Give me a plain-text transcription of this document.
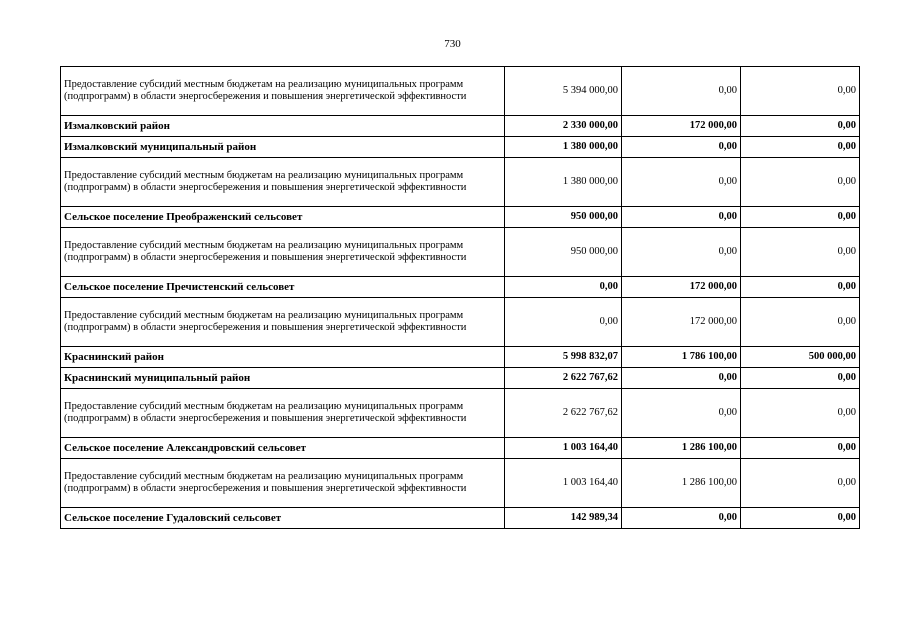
730
Предоставление субсидий местным бюджетам на реализацию муниципальных программ (подпрограмм) в области энергосбережения и повышения энергетической эффективности	5 394 000,00	0,00	0,00
Измалковский район	2 330 000,00	172 000,00	0,00
Измалковский муниципальный район	1 380 000,00	0,00	0,00
Предоставление субсидий местным бюджетам на реализацию муниципальных программ (подпрограмм) в области энергосбережения и повышения энергетической эффективности	1 380 000,00	0,00	0,00
Сельское поселение Преображенский сельсовет	950 000,00	0,00	0,00
Предоставление субсидий местным бюджетам на реализацию муниципальных программ (подпрограмм) в области энергосбережения и повышения энергетической эффективности	950 000,00	0,00	0,00
Сельское поселение Пречистенский сельсовет	0,00	172 000,00	0,00
Предоставление субсидий местным бюджетам на реализацию муниципальных программ (подпрограмм) в области энергосбережения и повышения энергетической эффективности	0,00	172 000,00	0,00
Краснинский район	5 998 832,07	1 786 100,00	500 000,00
Краснинский муниципальный район	2 622 767,62	0,00	0,00
Предоставление субсидий местным бюджетам на реализацию муниципальных программ (подпрограмм) в области энергосбережения и повышения энергетической эффективности	2 622 767,62	0,00	0,00
Сельское поселение Александровский сельсовет	1 003 164,40	1 286 100,00	0,00
Предоставление субсидий местным бюджетам на реализацию муниципальных программ (подпрограмм) в области энергосбережения и повышения энергетической эффективности	1 003 164,40	1 286 100,00	0,00
Сельское поселение Гудаловский сельсовет	142 989,34	0,00	0,00
